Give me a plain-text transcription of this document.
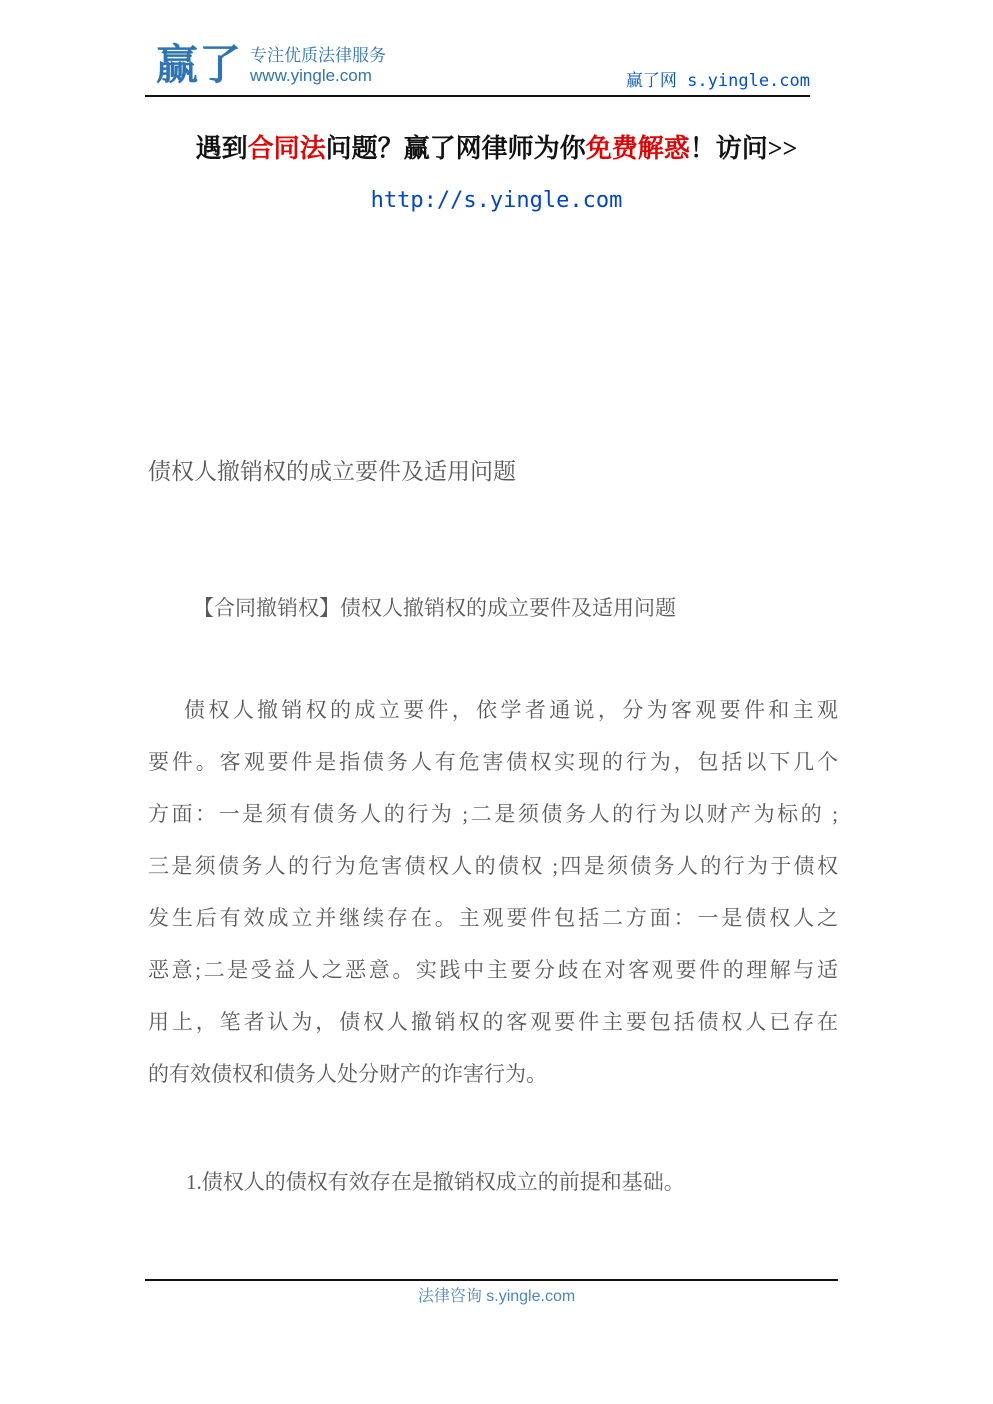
赢了 专注优质法律服务
www.yingle.com	赢了网 s.yingle.com
遇到合同法问题？赢了网律师为你免费解惑！访问>>
http://s.yingle.com
债权人撤销权的成立要件及适用问题
【合同撤销权】债权人撤销权的成立要件及适用问题
债权人撤销权的成立要件，依学者通说，分为客观要件和主观
要件。客观要件是指债务人有危害债权实现的行为，包括以下几个
方面：一是须有债务人的行为 ;二是须债务人的行为以财产为标的 ;
三是须债务人的行为危害债权人的债权 ;四是须债务人的行为于债权
发生后有效成立并继续存在。主观要件包括二方面：一是债权人之
恶意;二是受益人之恶意。实践中主要分歧在对客观要件的理解与适
用上，笔者认为，债权人撤销权的客观要件主要包括债权人已存在
的有效债权和债务人处分财产的诈害行为。
1.债权人的债权有效存在是撤销权成立的前提和基础。
法律咨询 s.yingle.com
